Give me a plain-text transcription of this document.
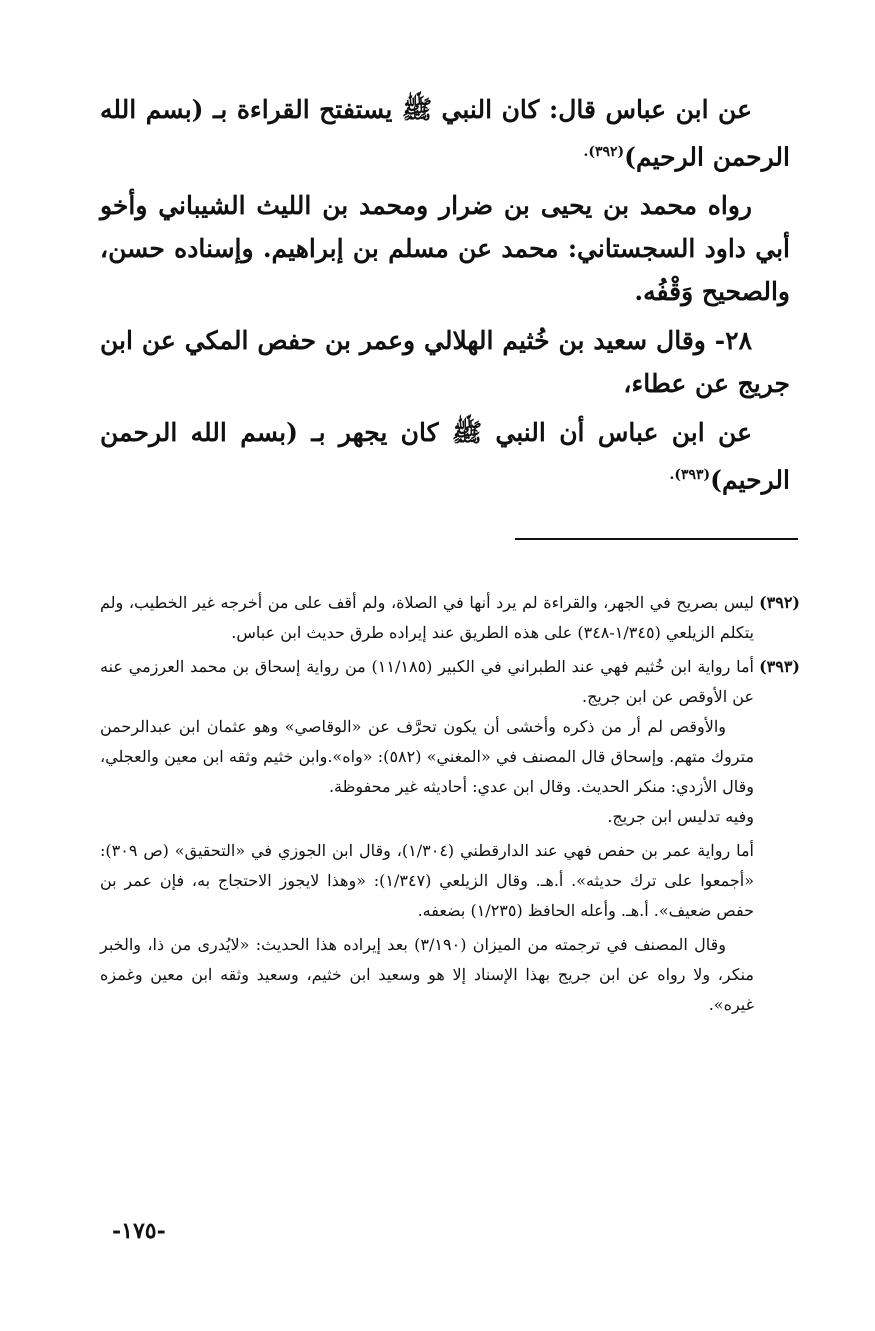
عن ابن عباس قال: كان النبي ﷺ يستفتح القراءة بـ (بسم الله الرحمن الرحيم)$^{(٣٩٢).}$

رواه محمد بن يحيى بن ضرار ومحمد بن الليث الشيباني وأخو أبي داود السجستاني: محمد عن مسلم بن إبراهيم. وإسناده حسن، والصحيح وَقْفُه.

٢٨- وقال سعيد بن خُثيم الهلالي وعمر بن حفص المكي عن ابن جريج عن عطاء،

عن ابن عباس أن النبي ﷺ كان يجهر بـ (بسم الله الرحمن الرحيم)$^{(٣٩٣).}$

(٣٩٢)

ليس بصريح في الجهر، والقراءة لم يرد أنها في الصلاة، ولم أقف على من أخرجه غير الخطيب، ولم يتكلم الزيلعي (١/٣٤٥-٣٤٨) على هذه الطريق عند إيراده طرق حديث ابن عباس.

(٣٩٣)

أما رواية ابن خُثيم فهي عند الطبراني في الكبير (١١/١٨٥) من رواية إسحاق بن محمد العرزمي عنه عن الأوقص عن ابن جريج.

والأوقص لم أر من ذكره وأخشى أن يكون تحرَّف عن «الوقاصي» وهو عثمان ابن عبدالرحمن متروك متهم. وإسحاق قال المصنف في «المغني» (٥٨٢): «واه».وابن خثيم وثقه ابن معين والعجلي، وقال الأزدي: منكر الحديث. وقال ابن عدي: أحاديثه غير محفوظة.

وفيه تدليس ابن جريج.

أما رواية عمر بن حفص فهي عند الدارقطني (١/٣٠٤)، وقال ابن الجوزي في «التحقيق» (ص ٣٠٩): «أجمعوا على ترك حديثه». أ.هـ. وقال الزيلعي (١/٣٤٧): «وهذا لايجوز الاحتجاج به، فإن عمر بن حفص ضعيف». أ.هـ. وأعله الحافظ (١/٢٣٥) بضعفه.

وقال المصنف في ترجمته من الميزان (٣/١٩٠) بعد إيراده هذا الحديث: «لايُدرى من ذا، والخبر منكر، ولا رواه عن ابن جريج بهذا الإسناد إلا هو وسعيد ابن خثيم، وسعيد وثقه ابن معين وغمزه غيره».

-١٧٥-
